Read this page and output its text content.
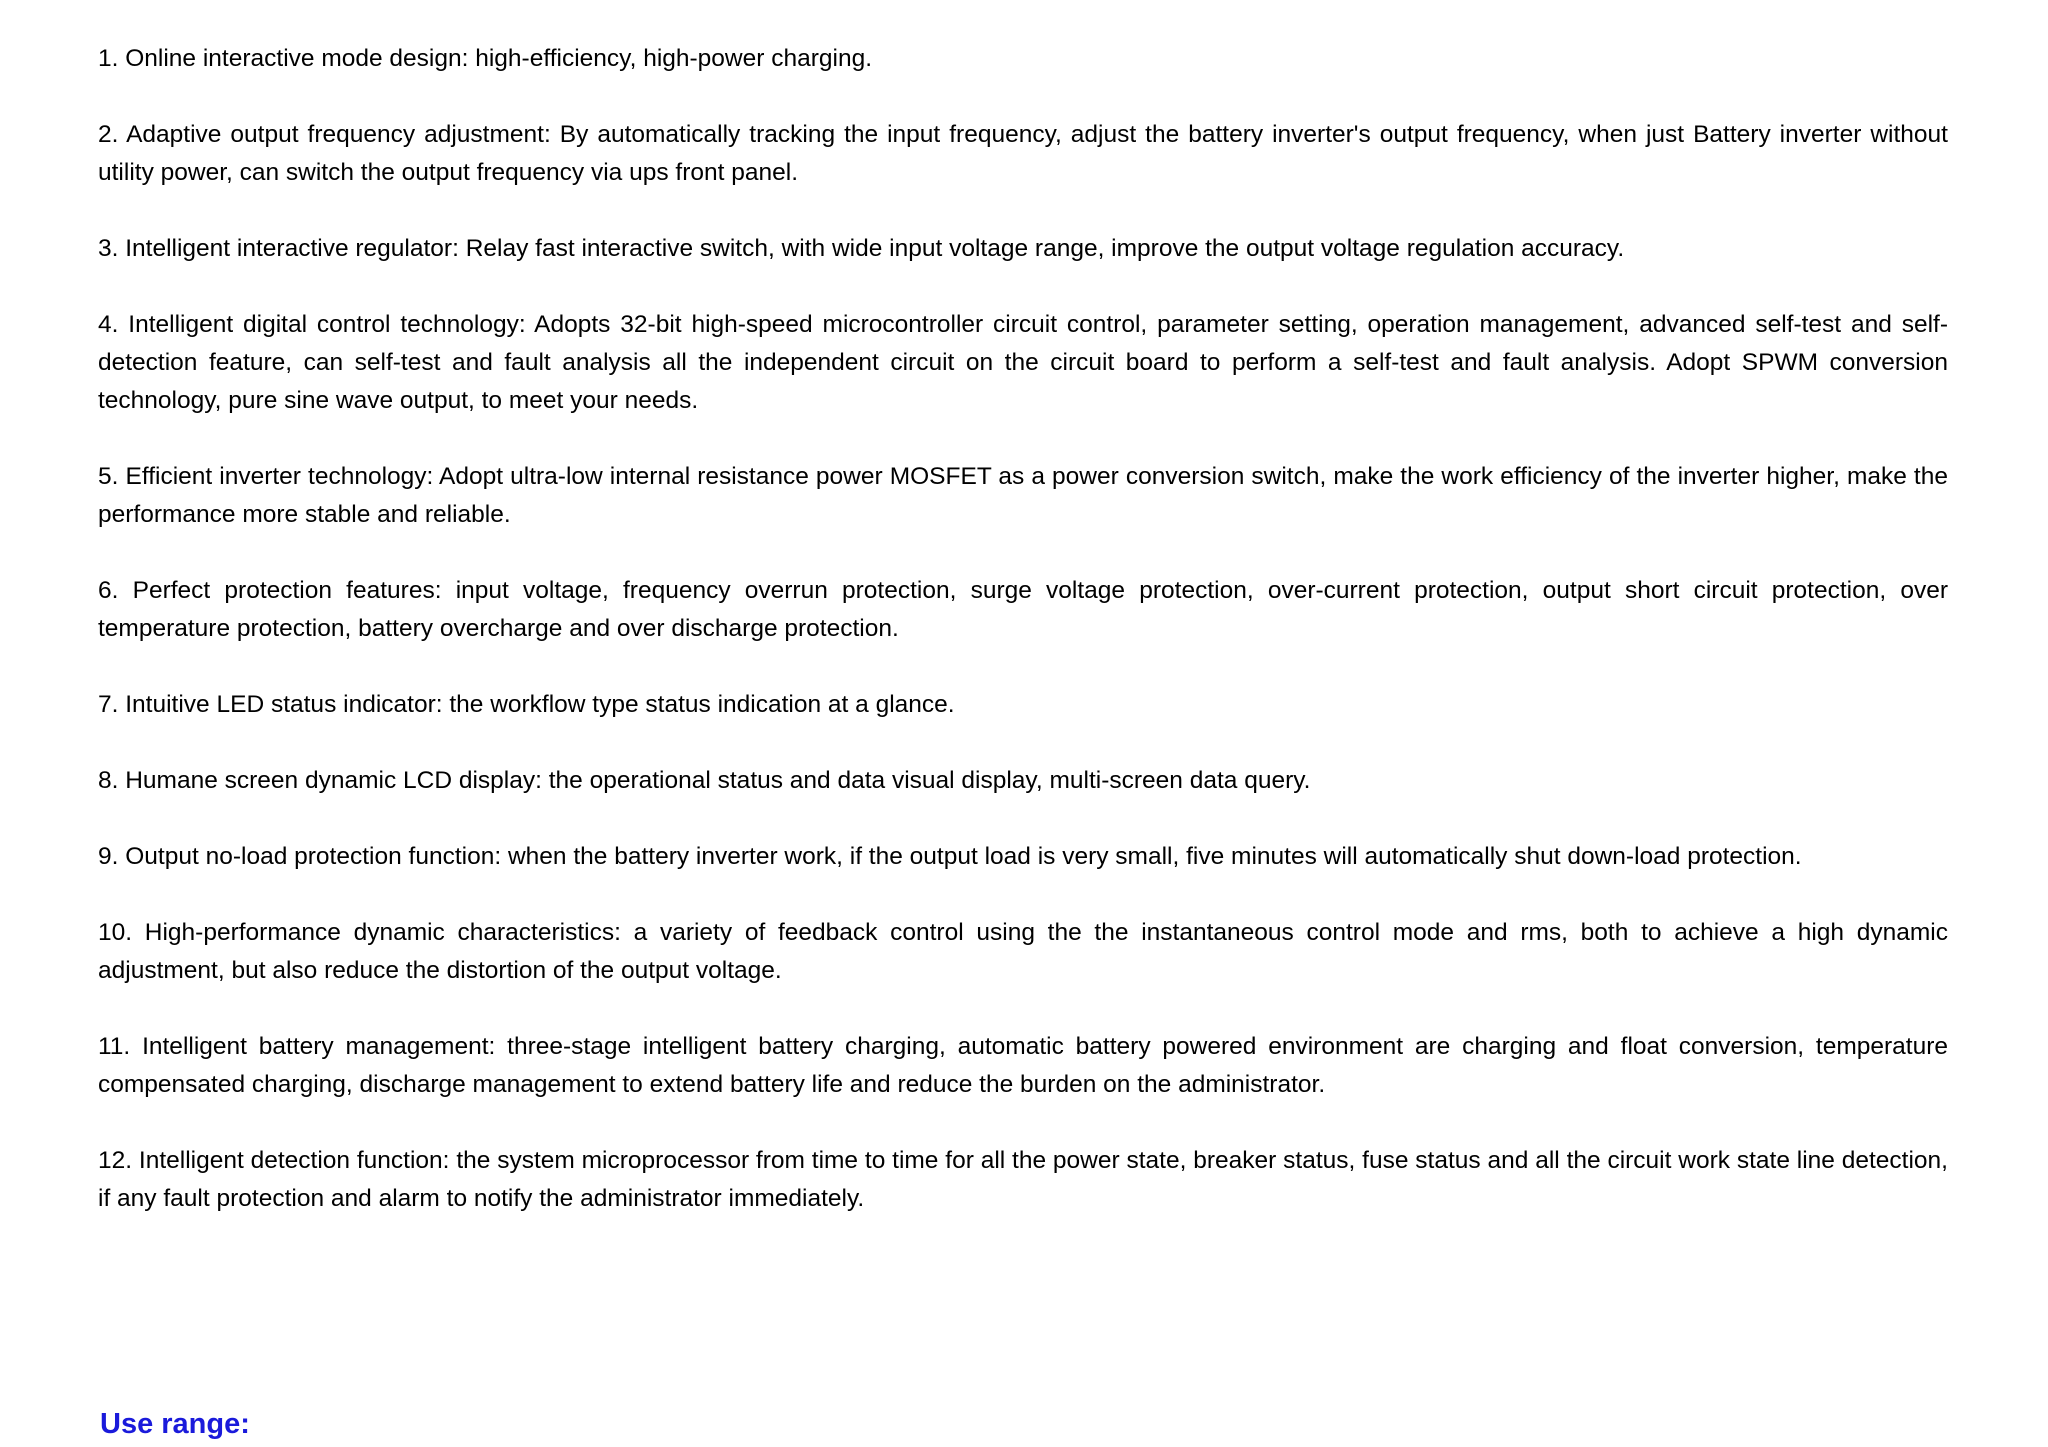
1. Online interactive mode design: high-efficiency, high-power charging.

2. Adaptive output frequency adjustment: By automatically tracking the input frequency, adjust the battery inverter's output frequency, when just Battery inverter without utility power, can switch the output frequency via ups front panel.

3. Intelligent interactive regulator: Relay fast interactive switch, with wide input voltage range, improve the output voltage regulation accuracy.

4. Intelligent digital control technology: Adopts 32-bit high-speed microcontroller circuit control, parameter setting, operation management, advanced self-test and self-detection feature, can self-test and fault analysis all the independent circuit on the circuit board to perform a self-test and fault analysis. Adopt SPWM conversion technology, pure sine wave output, to meet your needs.

5. Efficient inverter technology: Adopt ultra-low internal resistance power MOSFET as a power conversion switch, make the work efficiency of the inverter higher, make the performance more stable and reliable.

6. Perfect protection features: input voltage, frequency overrun protection, surge voltage protection, over-current protection, output short circuit protection, over temperature protection, battery overcharge and over discharge protection.

7. Intuitive LED status indicator: the workflow type status indication at a glance.

8. Humane screen dynamic LCD display: the operational status and data visual display, multi-screen data query.

9. Output no-load protection function: when the battery inverter work, if the output load is very small, five minutes will automatically shut down-load protection.

10. High-performance dynamic characteristics: a variety of feedback control using the the instantaneous control mode and rms, both to achieve a high dynamic adjustment, but also reduce the distortion of the output voltage.

11. Intelligent battery management: three-stage intelligent battery charging, automatic battery powered environment are charging and float conversion, temperature compensated charging, discharge management to extend battery life and reduce the burden on the administrator.

12. Intelligent detection function: the system microprocessor from time to time for all the power state, breaker status, fuse status and all the circuit work state line detection, if any fault protection and alarm to notify the administrator immediately.

Use range:
